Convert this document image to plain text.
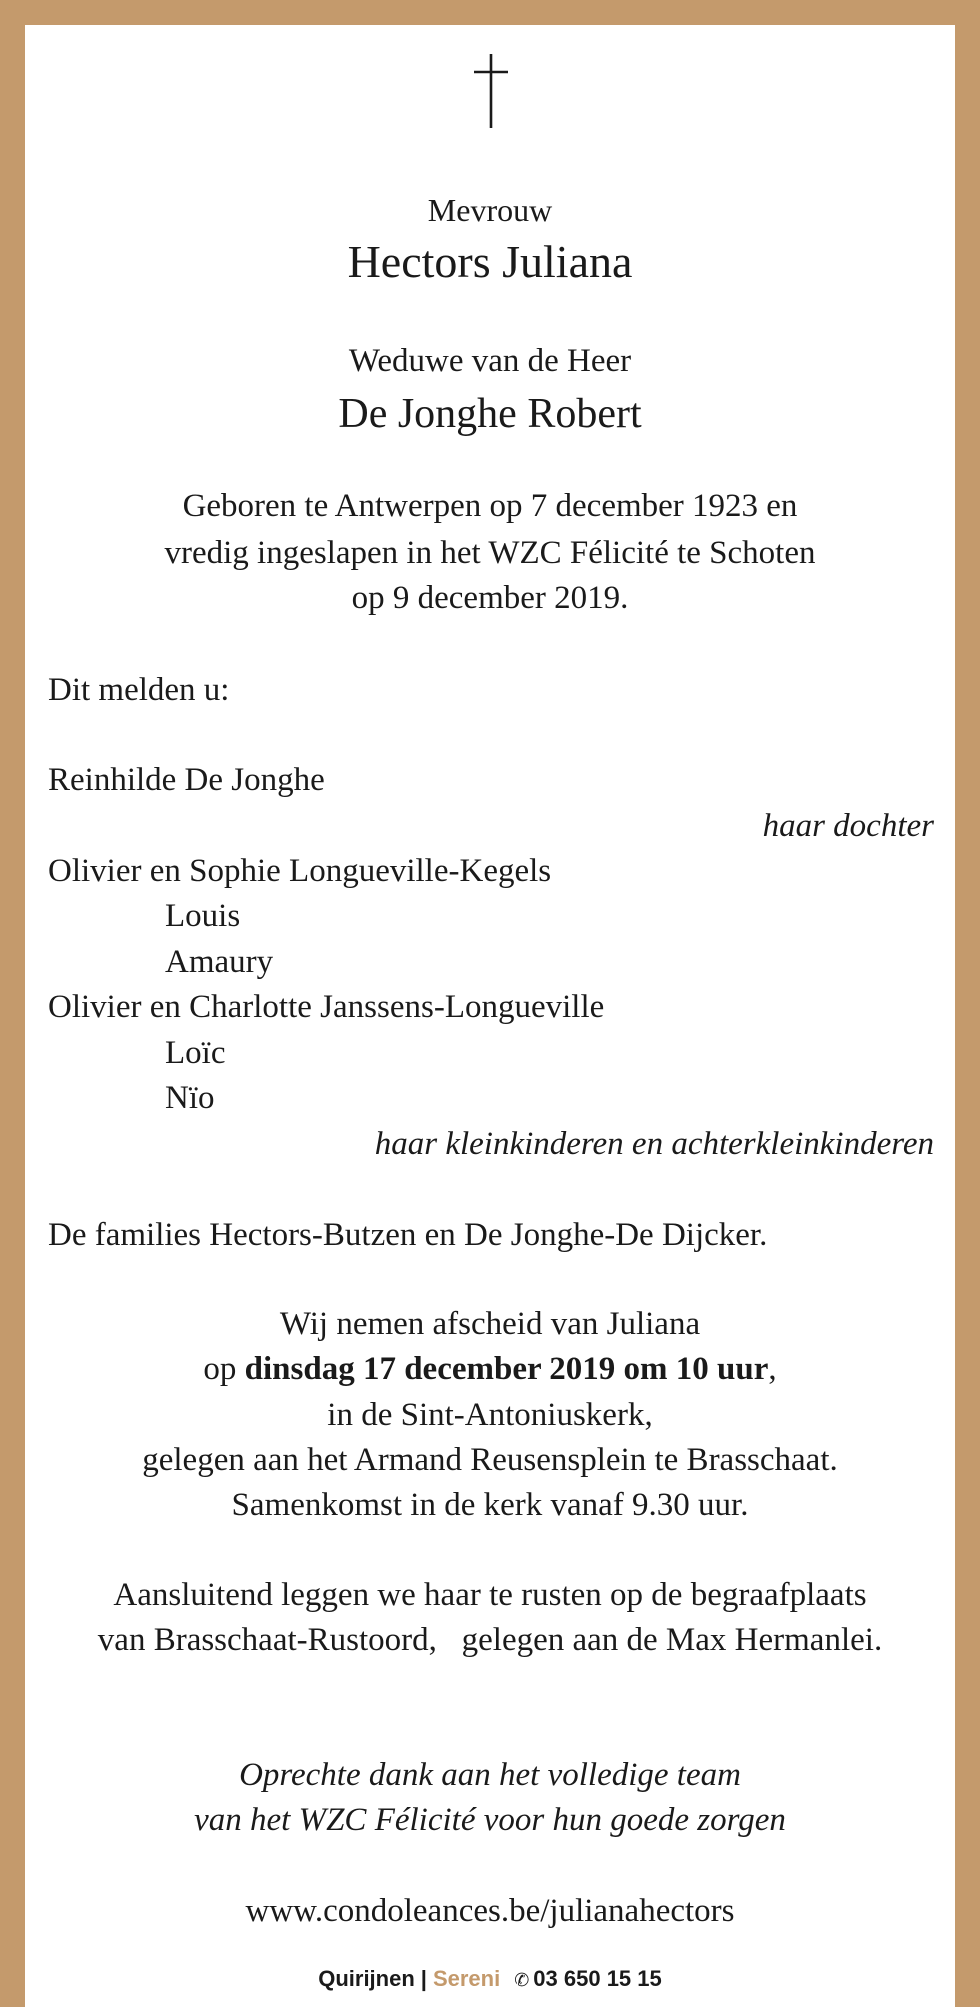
Mevrouw
Hectors Juliana
Weduwe van de Heer
De Jonghe Robert
Geboren te Antwerpen op 7 december 1923 en
vredig ingeslapen in het WZC Félicité te Schoten
op 9 december 2019.
Dit melden u:
Reinhilde De Jonghe
haar dochter
Olivier en Sophie Longueville-Kegels
Louis
Amaury
Olivier en Charlotte Janssens-Longueville
Loïc
Nïo
haar kleinkinderen en achterkleinkinderen
De families Hectors-Butzen en De Jonghe-De Dijcker.
Wij nemen afscheid van Juliana
op dinsdag 17 december 2019 om 10 uur,
in de Sint-Antoniuskerk,
gelegen aan het Armand Reusensplein te Brasschaat.
Samenkomst in de kerk vanaf 9.30 uur.
Aansluitend leggen we haar te rusten op de begraafplaats
van Brasschaat-Rustoord,   gelegen aan de Max Hermanlei.
Oprechte dank aan het volledige team
van het WZC Félicité voor hun goede zorgen
www.condoleances.be/julianahectors
Quirijnen | Sereni ✆ 03 650 15 15
